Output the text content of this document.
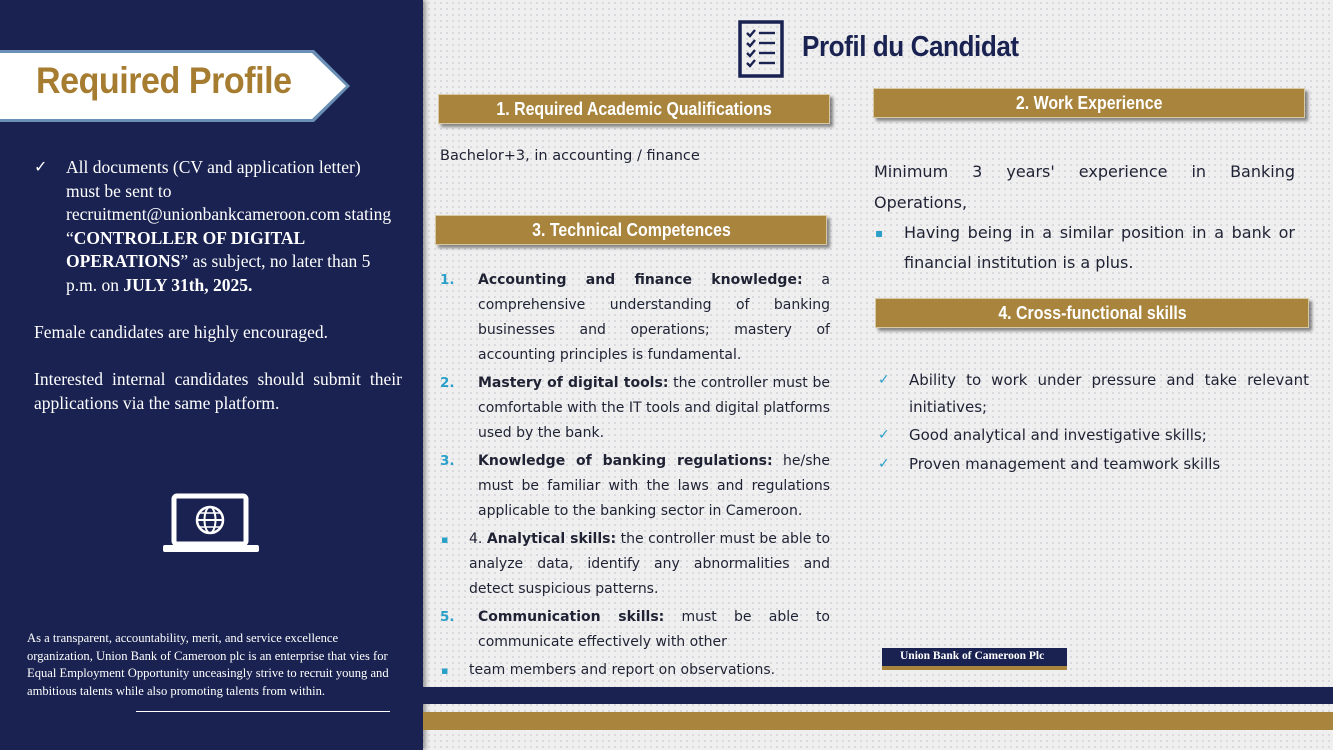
Required Profile
✓ All documents (CV and application letter) must be sent to recruitment@unionbankcameroon.com stating “CONTROLLER OF DIGITAL OPERATIONS” as subject, no later than 5 p.m. on JULY 31th, 2025.
Female candidates are highly encouraged.
Interested internal candidates should submit their applications via the same platform.
As a transparent, accountability, merit, and service excellence organization, Union Bank of Cameroon plc is an enterprise that vies for Equal Employment Opportunity unceasingly strive to recruit young and ambitious talents while also promoting talents from within.
Profil du Candidat
1. Required Academic Qualifications
Bachelor+3, in accounting / finance
3. Technical Competences
1. Accounting and finance knowledge: a comprehensive understanding of banking businesses and operations; mastery of accounting principles is fundamental.
2. Mastery of digital tools: the controller must be comfortable with the IT tools and digital platforms used by the bank.
3. Knowledge of banking regulations: he/she must be familiar with the laws and regulations applicable to the banking sector in Cameroon.
▪ 4. Analytical skills: the controller must be able to analyze data, identify any abnormalities and detect suspicious patterns.
5. Communication skills: must be able to communicate effectively with other
▪ team members and report on observations.
2. Work Experience
Minimum 3 years' experience in Banking Operations,
▪ Having being in a similar position in a bank or financial institution is a plus.
4. Cross-functional skills
✓ Ability to work under pressure and take relevant initiatives;
✓ Good analytical and investigative skills;
✓ Proven management and teamwork skills
Union Bank of Cameroon Plc
